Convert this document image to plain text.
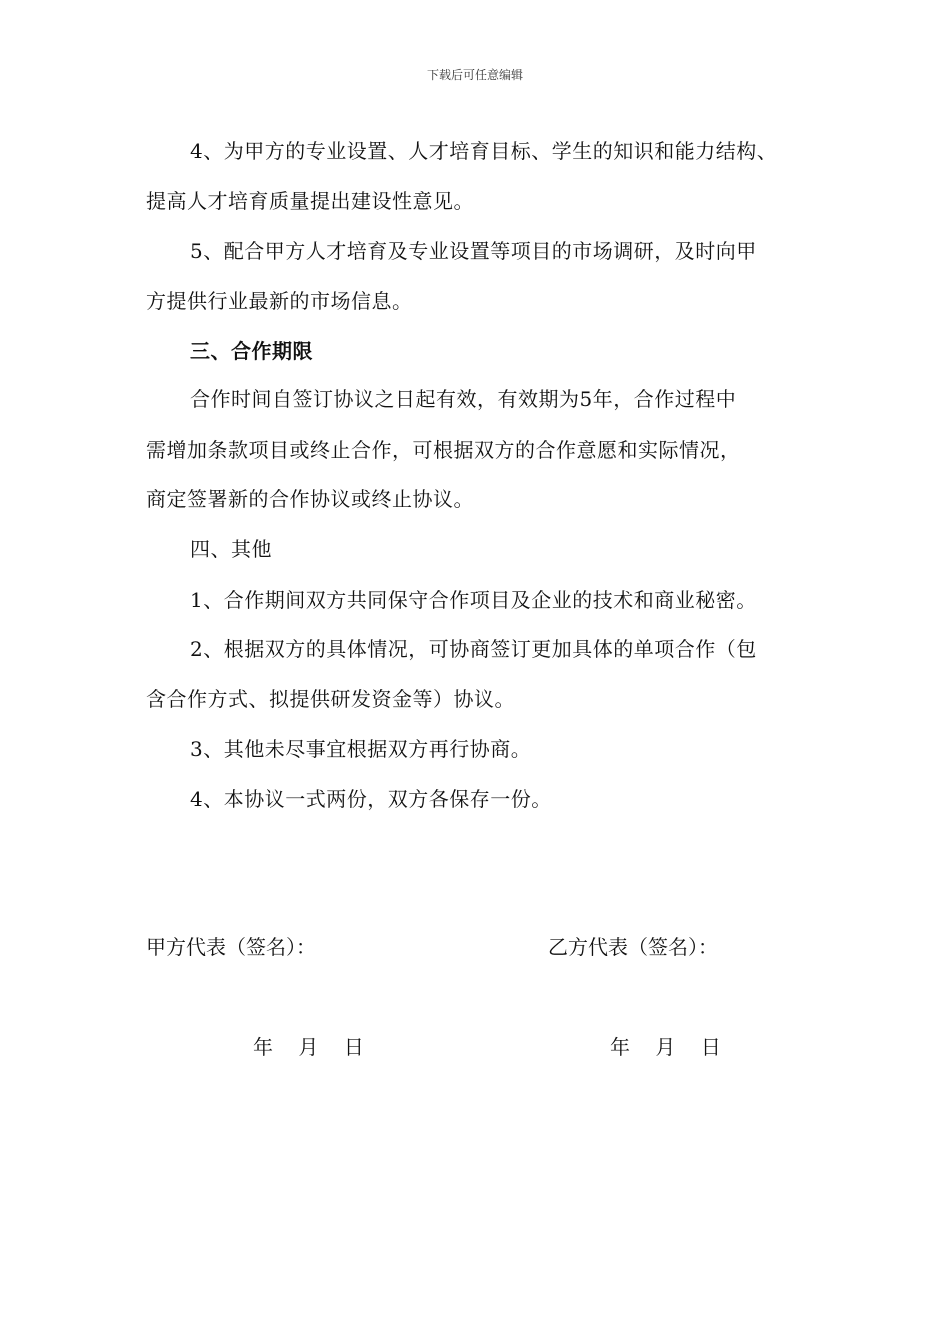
下载后可任意编辑
4、为甲方的专业设置、人才培育目标、学生的知识和能力结构、
提高人才培育质量提出建设性意见。
5、配合甲方人才培育及专业设置等项目的市场调研，及时向甲
方提供行业最新的市场信息。
三、合作期限
合作时间自签订协议之日起有效，有效期为5年，合作过程中
需增加条款项目或终止合作，可根据双方的合作意愿和实际情况，
商定签署新的合作协议或终止协议。
四、其他
1、合作期间双方共同保守合作项目及企业的技术和商业秘密。
2、根据双方的具体情况，可协商签订更加具体的单项合作（包
含合作方式、拟提供研发资金等）协议。
3、其他未尽事宜根据双方再行协商。
4、本协议一式两份，双方各保存一份。
甲方代表（签名）：	乙方代表（签名）：
年    月    日	年    月    日
